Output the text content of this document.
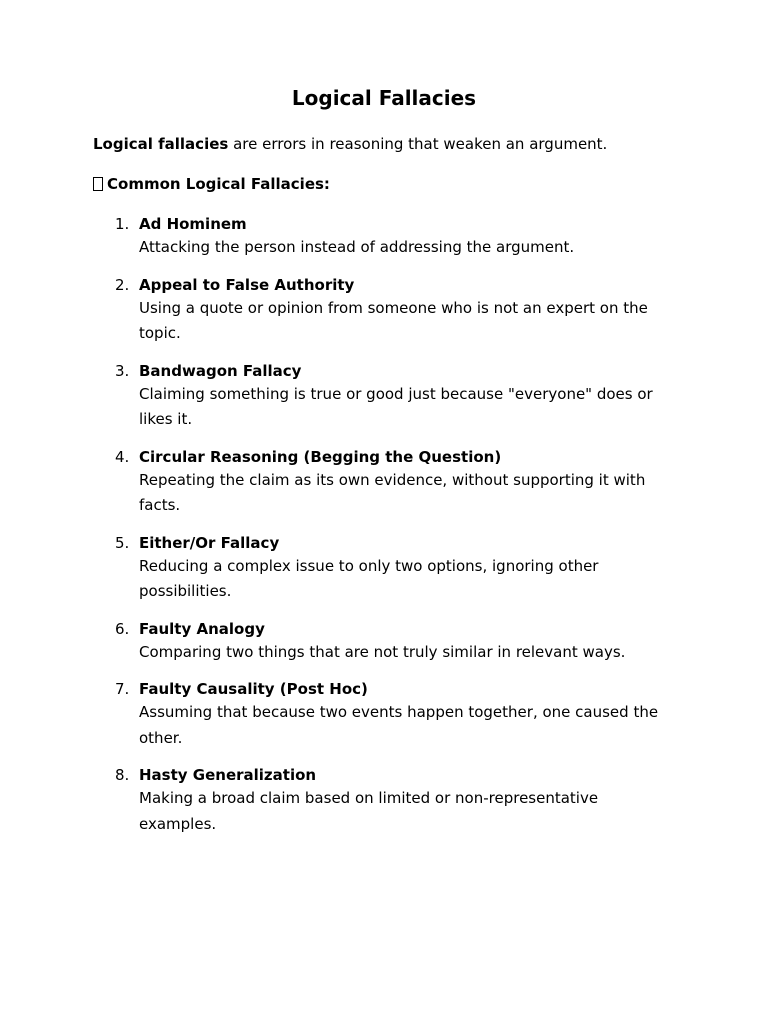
Logical Fallacies
Logical fallacies are errors in reasoning that weaken an argument.
Common Logical Fallacies:
1. Ad Hominem
Attacking the person instead of addressing the argument.
2. Appeal to False Authority
Using a quote or opinion from someone who is not an expert on the topic.
3. Bandwagon Fallacy
Claiming something is true or good just because "everyone" does or likes it.
4. Circular Reasoning (Begging the Question)
Repeating the claim as its own evidence, without supporting it with facts.
5. Either/Or Fallacy
Reducing a complex issue to only two options, ignoring other possibilities.
6. Faulty Analogy
Comparing two things that are not truly similar in relevant ways.
7. Faulty Causality (Post Hoc)
Assuming that because two events happen together, one caused the other.
8. Hasty Generalization
Making a broad claim based on limited or non-representative examples.
